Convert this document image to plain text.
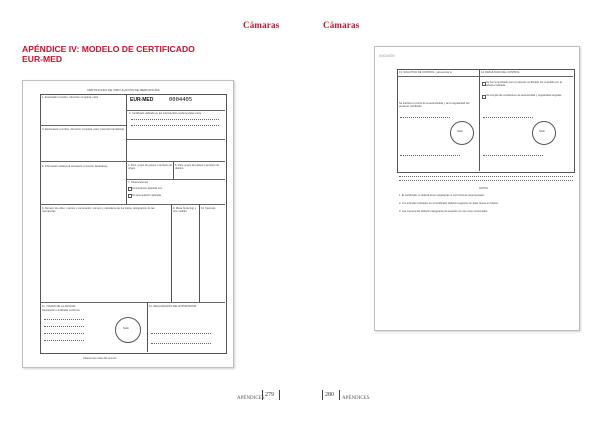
Cámaras	Cámaras
APÉNDICE IV: MODELO DE CERTIFICADO
EUR-MED
CERTIFICADO DE CIRCULACIÓN DE MERCANCÍAS
1. Exportador (nombre, dirección completa, país)	EUR-MED	0004405
2. Certificado utilizado en los intercambios preferenciales entre
3. Destinatario (nombre, dirección completa, país) (mención facultativa)
4. País, grupo de países o territorio de origen
5. País, grupo de países o territorio de destino
6. Información relativa al transporte (mención facultativa)
7. Observaciones
Acumulación aplicada con
No acumulación aplicada
8. Número de orden; marcas y numeración; número y naturaleza de los bultos; designación de las mercancías
9. Masa bruta (kg) u otra medida
10. Facturas
11. VISADO DE LA ADUANA
Declaración certificada conforme
Sello
12. DECLARACIÓN DEL EXPORTADOR
Véanse las notas del reverso
0004405
13. SOLICITUD DE CONTROL, para enviar a:	14. RESULTADO DEL CONTROL
Se solicita el control de la autenticidad y de la regularidad del presente certificado.
Se ha comprobado que el presente certificado fue expedido por la aduana indicada.
No cumple las condiciones de autenticidad y regularidad exigidas.
Sello	Sello
NOTAS
1. El certificado no deberá tener raspaduras ni correcciones superpuestas.
2. Los artículos indicados en el certificado deberán seguirse sin dejar líneas en blanco.
3. Las mercancías deberán designarse de acuerdo con los usos comerciales.
APÉNDICES
279	280
APÉNDICES
